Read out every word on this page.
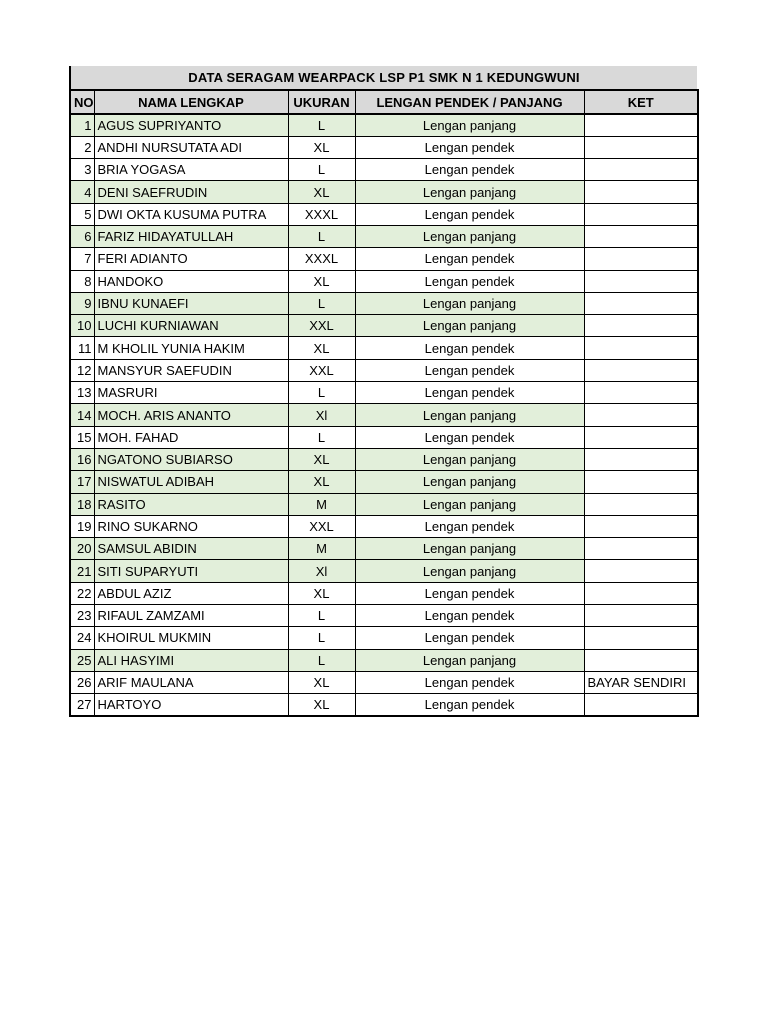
DATA SERAGAM WEARPACK LSP P1 SMK N 1 KEDUNGWUNI
NO	NAMA LENGKAP	UKURAN	LENGAN PENDEK / PANJANG	KET
1	AGUS SUPRIYANTO	L	Lengan panjang	
2	ANDHI NURSUTATA ADI	XL	Lengan pendek	
3	BRIA YOGASA	L	Lengan pendek	
4	DENI SAEFRUDIN	XL	Lengan panjang	
5	DWI OKTA KUSUMA PUTRA	XXXL	Lengan pendek	
6	FARIZ HIDAYATULLAH	L	Lengan panjang	
7	FERI ADIANTO	XXXL	Lengan pendek	
8	HANDOKO	XL	Lengan pendek	
9	IBNU KUNAEFI	L	Lengan panjang	
10	LUCHI KURNIAWAN	XXL	Lengan panjang	
11	M KHOLIL YUNIA HAKIM	XL	Lengan pendek	
12	MANSYUR SAEFUDIN	XXL	Lengan pendek	
13	MASRURI	L	Lengan pendek	
14	MOCH. ARIS ANANTO	Xl	Lengan panjang	
15	MOH. FAHAD	L	Lengan pendek	
16	NGATONO SUBIARSO	XL	Lengan panjang	
17	NISWATUL ADIBAH	XL	Lengan panjang	
18	RASITO	M	Lengan panjang	
19	RINO SUKARNO	XXL	Lengan pendek	
20	SAMSUL ABIDIN	M	Lengan panjang	
21	SITI SUPARYUTI	Xl	Lengan panjang	
22	ABDUL AZIZ	XL	Lengan pendek	
23	RIFAUL ZAMZAMI	L	Lengan pendek	
24	KHOIRUL MUKMIN	L	Lengan pendek	
25	ALI HASYIMI	L	Lengan panjang	
26	ARIF MAULANA	XL	Lengan pendek	BAYAR SENDIRI
27	HARTOYO	XL	Lengan pendek	
